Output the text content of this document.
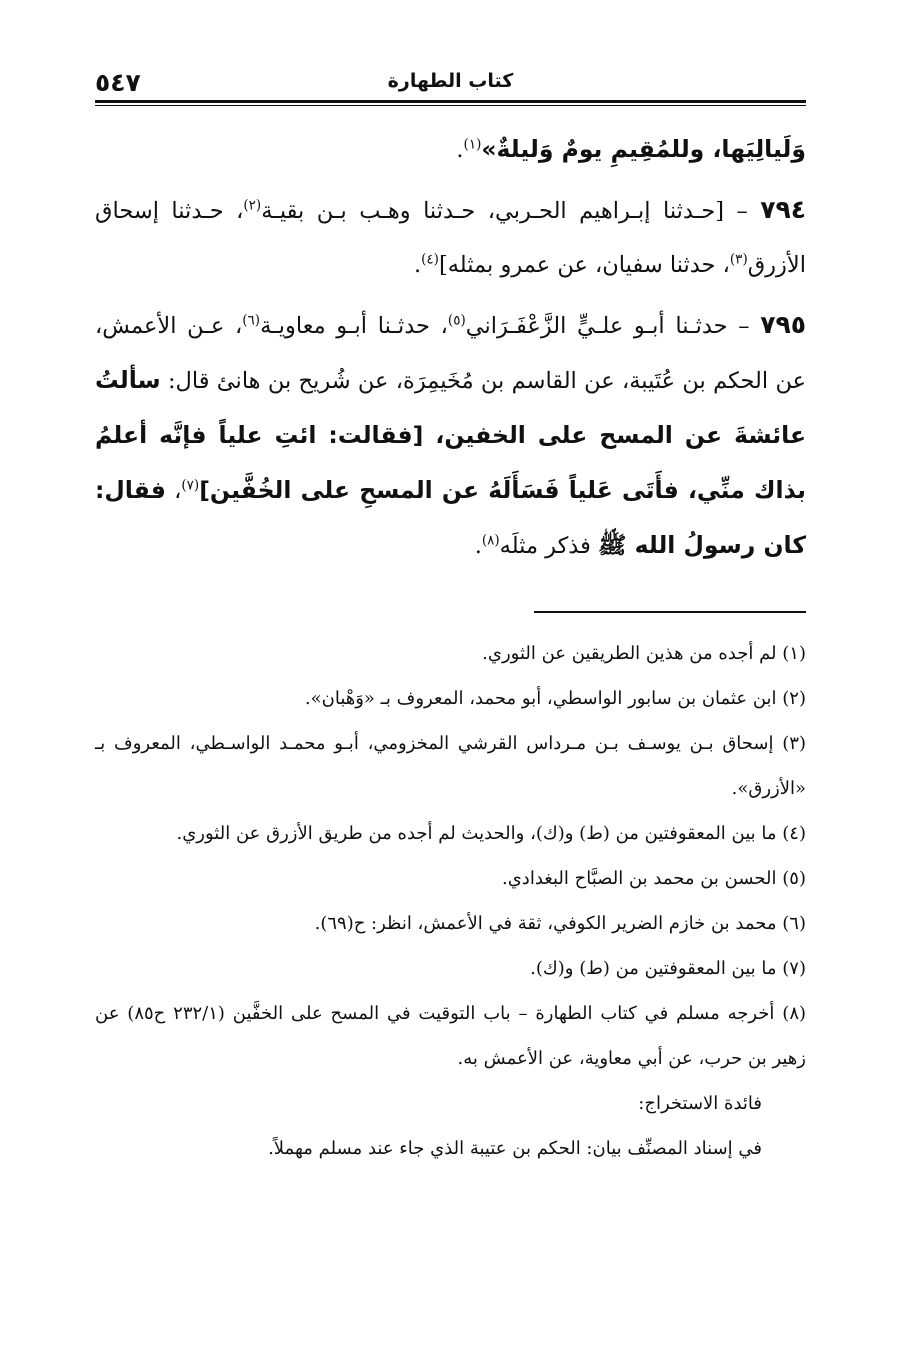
كتاب الطهارة
٥٤٧

وَلَيالِيَها، وللمُقِيمِ يومٌ وَليلةٌ»$^{(١)}$.

٧٩٤ – [حـدثنا إبـراهيم الحـربي، حـدثنا وهـب بـن بقيـة$^{(٢)}$، حـدثنا إسحاق الأزرق$^{(٣)}$، حدثنا سفيان، عن عمرو بمثله]$^{(٤)}$.

٧٩٥ – حدثـنا أبـو علـيٍّ الزَّعْفَـرَاني$^{(٥)}$، حدثـنا أبـو معاويـة$^{(٦)}$، عـن الأعمش، عن الحكم بن عُتَيبة، عن القاسم بن مُخَيمِرَة، عن شُريح بن هانئ قال: سألتُ عائشةَ عن المسح على الخفين، [فقالت: ائتِ علياً فإنَّه أعلمُ بذاك منِّي، فأَتَى عَلياً فَسَأَلَهُ عن المسحِ على الخُفَّين]$^{(٧)}$، فقال: كان رسولُ الله ﷺ فذكر مثلَه$^{(٨)}$.

(١) لم أجده من هذين الطريقين عن الثوري.

(٢) ابن عثمان بن سابور الواسطي، أبو محمد، المعروف بـ «وَهْبان».

(٣) إسحاق بـن يوسـف بـن مـرداس القرشي المخزومي، أبـو محمـد الواسـطي، المعروف بـ «الأزرق».

(٤) ما بين المعقوفتين من (ط) و(ك)، والحديث لم أجده من طريق الأزرق عن الثوري.

(٥) الحسن بن محمد بن الصبَّاح البغدادي.

(٦) محمد بن خازم الضرير الكوفي، ثقة في الأعمش، انظر: ح(٦٩).

(٧) ما بين المعقوفتين من (ط) و(ك).

(٨) أخرجه مسلم في كتاب الطهارة – باب التوقيت في المسح على الخفَّين (٢٣٢/١ ح٨٥) عن زهير بن حرب، عن أبي معاوية، عن الأعمش به.

فائدة الاستخراج:

في إسناد المصنِّف بيان: الحكم بن عتيبة الذي جاء عند مسلم مهملاً.
